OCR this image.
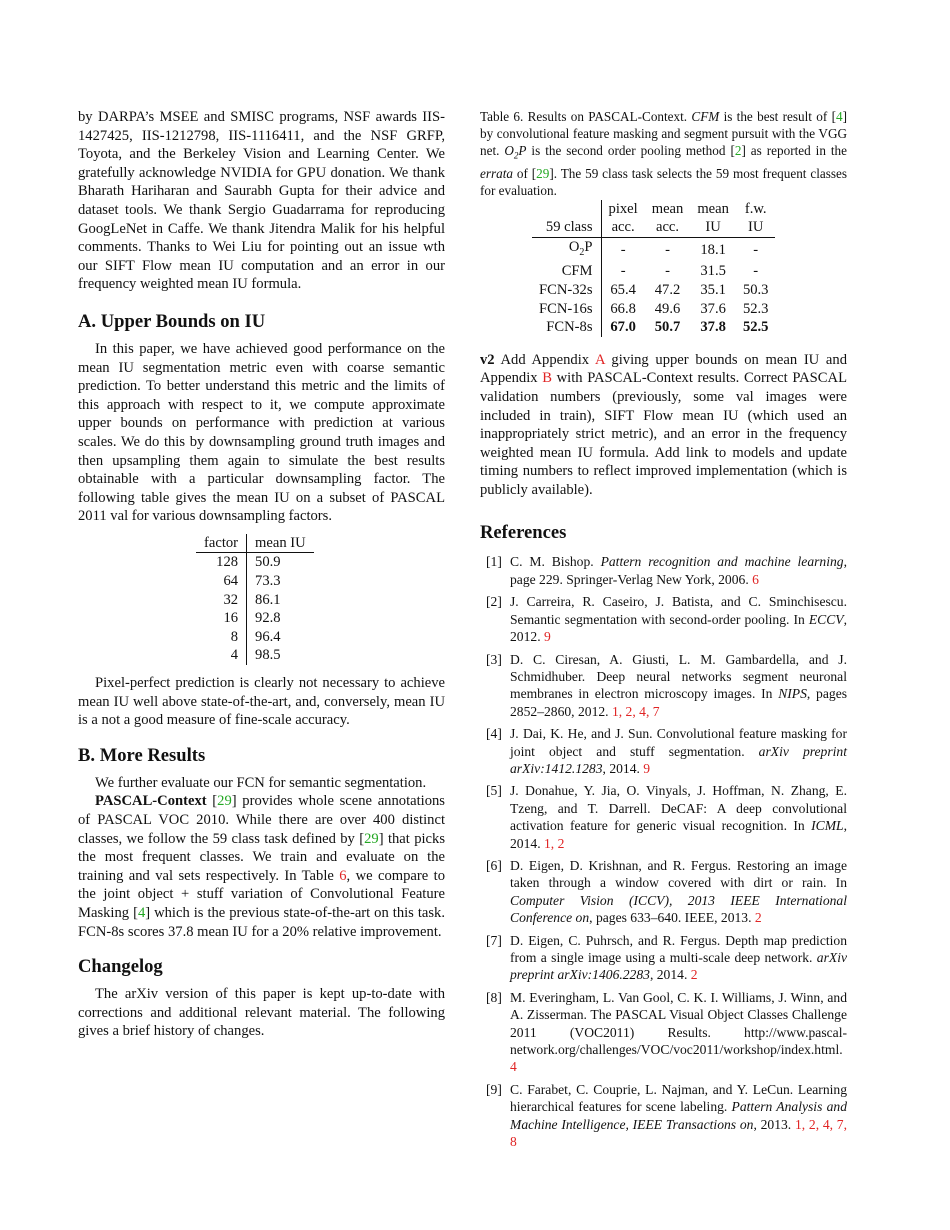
by DARPA’s MSEE and SMISC programs, NSF awards IIS-1427425, IIS-1212798, IIS-1116411, and the NSF GRFP, Toyota, and the Berkeley Vision and Learning Center. We gratefully acknowledge NVIDIA for GPU donation. We thank Bharath Hariharan and Saurabh Gupta for their advice and dataset tools. We thank Sergio Guadarrama for reproducing GoogLeNet in Caffe. We thank Jitendra Malik for his helpful comments. Thanks to Wei Liu for pointing out an issue wth our SIFT Flow mean IU computation and an error in our frequency weighted mean IU formula.

A. Upper Bounds on IU

In this paper, we have achieved good performance on the mean IU segmentation metric even with coarse semantic prediction. To better understand this metric and the limits of this approach with respect to it, we compute approximate upper bounds on performance with prediction at various scales. We do this by downsampling ground truth images and then upsampling them again to simulate the best results obtainable with a particular downsampling factor. The following table gives the mean IU on a subset of PASCAL 2011 val for various downsampling factors.

factor	mean IU
128	50.9
64	73.3
32	86.1
16	92.8
8	96.4
4	98.5

Pixel-perfect prediction is clearly not necessary to achieve mean IU well above state-of-the-art, and, conversely, mean IU is a not a good measure of fine-scale accuracy.

B. More Results

We further evaluate our FCN for semantic segmentation.

PASCAL-Context [29] provides whole scene annotations of PASCAL VOC 2010. While there are over 400 distinct classes, we follow the 59 class task defined by [29] that picks the most frequent classes. We train and evaluate on the training and val sets respectively. In Table 6, we compare to the joint object + stuff variation of Convolutional Feature Masking [4] which is the previous state-of-the-art on this task. FCN-8s scores 37.8 mean IU for a 20% relative improvement.

Changelog

The arXiv version of this paper is kept up-to-date with corrections and additional relevant material. The following gives a brief history of changes.

Table 6. Results on PASCAL-Context. CFM is the best result of [4] by convolutional feature masking and segment pursuit with the VGG net. $O_2P$ is the second order pooling method [2] as reported in the errata of [29]. The 59 class task selects the 59 most frequent classes for evaluation.

	pixel	mean	mean	f.w.
59 class	acc.	acc.	IU	IU
$O_2P$	-	-	18.1	-
CFM	-	-	31.5	-
FCN-32s	65.4	47.2	35.1	50.3
FCN-16s	66.8	49.6	37.6	52.3
FCN-8s	67.0	50.7	37.8	52.5

v2 Add Appendix A giving upper bounds on mean IU and Appendix B with PASCAL-Context results. Correct PASCAL validation numbers (previously, some val images were included in train), SIFT Flow mean IU (which used an inappropriately strict metric), and an error in the frequency weighted mean IU formula. Add link to models and update timing numbers to reflect improved implementation (which is publicly available).

References
[1] C. M. Bishop. Pattern recognition and machine learning, page 229. Springer-Verlag New York, 2006. 6
[2] J. Carreira, R. Caseiro, J. Batista, and C. Sminchisescu. Semantic segmentation with second-order pooling. In ECCV, 2012. 9
[3] D. C. Ciresan, A. Giusti, L. M. Gambardella, and J. Schmidhuber. Deep neural networks segment neuronal membranes in electron microscopy images. In NIPS, pages 2852–2860, 2012. 1, 2, 4, 7
[4] J. Dai, K. He, and J. Sun. Convolutional feature masking for joint object and stuff segmentation. arXiv preprint arXiv:1412.1283, 2014. 9
[5] J. Donahue, Y. Jia, O. Vinyals, J. Hoffman, N. Zhang, E. Tzeng, and T. Darrell. DeCAF: A deep convolutional activation feature for generic visual recognition. In ICML, 2014. 1, 2
[6] D. Eigen, D. Krishnan, and R. Fergus. Restoring an image taken through a window covered with dirt or rain. In Computer Vision (ICCV), 2013 IEEE International Conference on, pages 633–640. IEEE, 2013. 2
[7] D. Eigen, C. Puhrsch, and R. Fergus. Depth map prediction from a single image using a multi-scale deep network. arXiv preprint arXiv:1406.2283, 2014. 2
[8] M. Everingham, L. Van Gool, C. K. I. Williams, J. Winn, and A. Zisserman. The PASCAL Visual Object Classes Challenge 2011 (VOC2011) Results. http://www.pascal-network.org/challenges/VOC/voc2011/workshop/index.html. 4
[9] C. Farabet, C. Couprie, L. Najman, and Y. LeCun. Learning hierarchical features for scene labeling. Pattern Analysis and Machine Intelligence, IEEE Transactions on, 2013. 1, 2, 4, 7, 8
